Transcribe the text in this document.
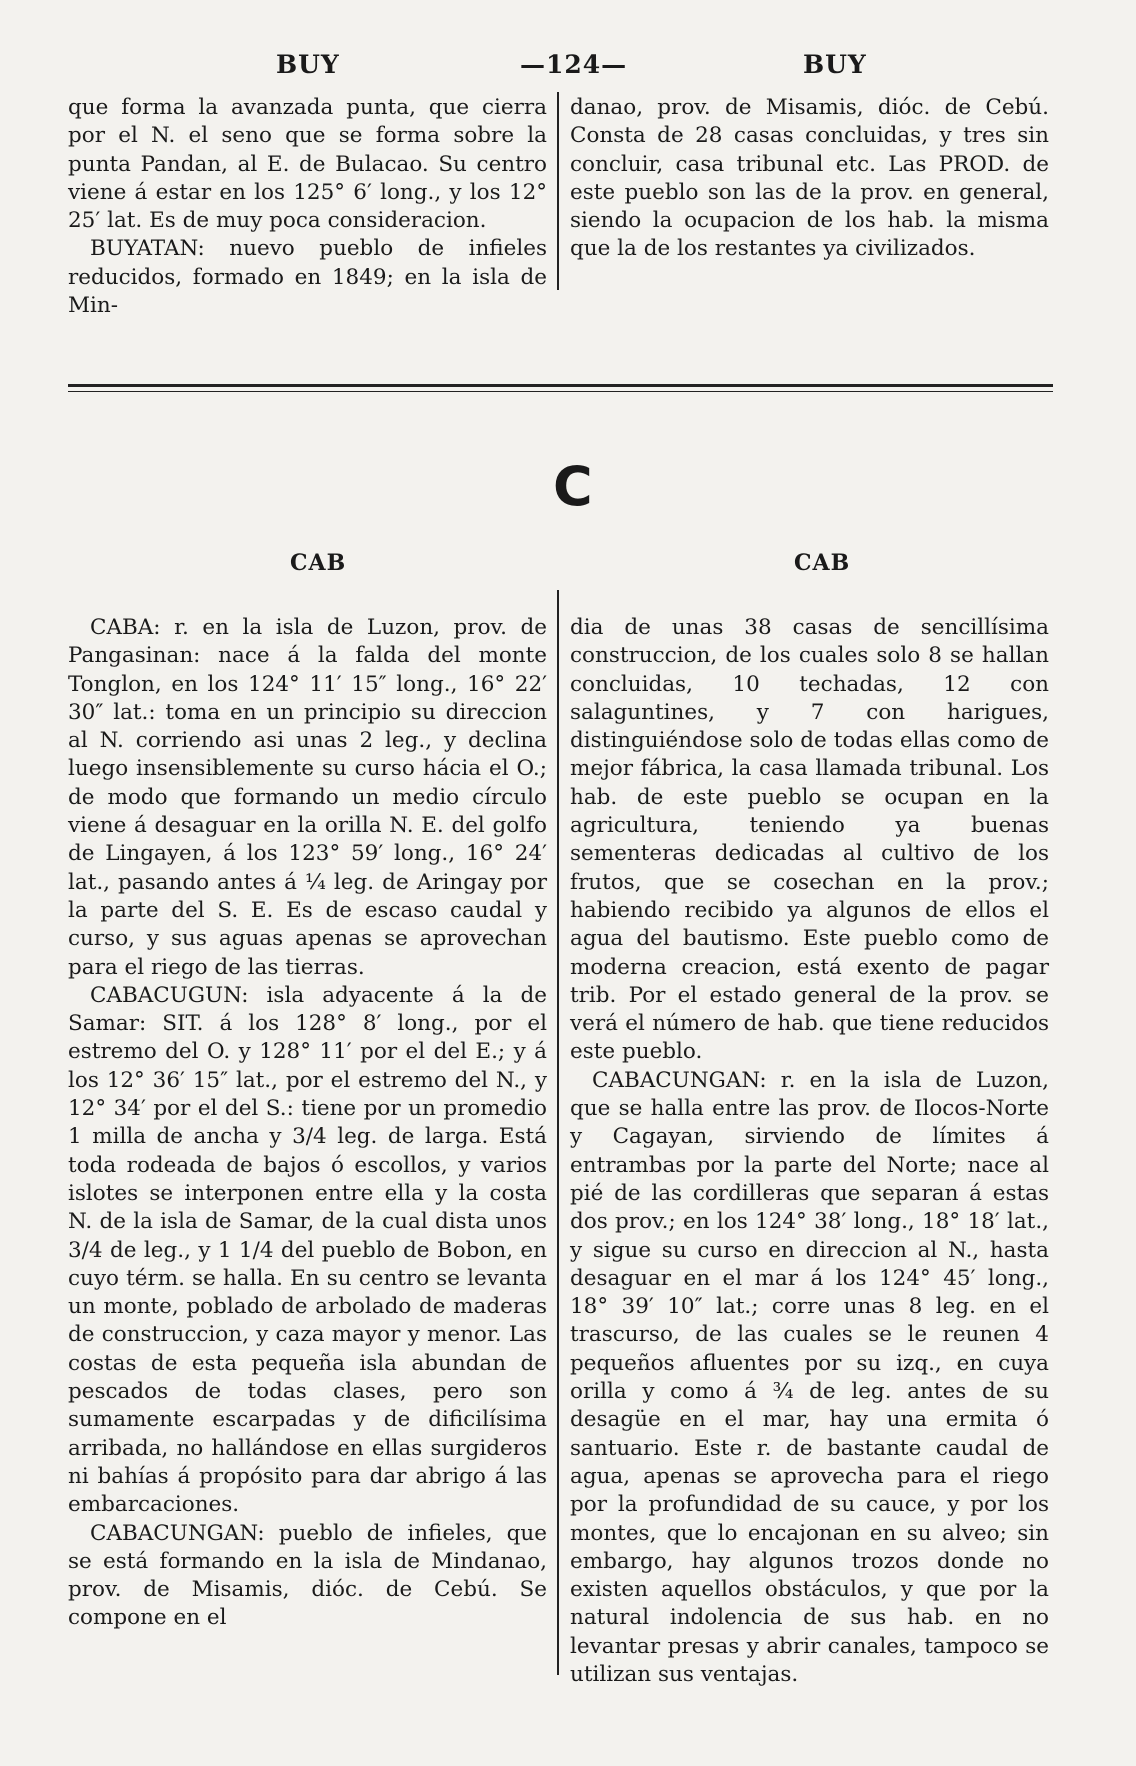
BUY	—124—	BUY

que forma la avanzada punta, que cierra por el N. el seno que se forma sobre la punta Pandan, al E. de Bulacao. Su centro viene á estar en los 125° 6′ long., y los 12° 25′ lat. Es de muy poca consideracion.

BUYATAN: nuevo pueblo de infieles reducidos, formado en 1849; en la isla de Min-

danao, prov. de Misamis, dióc. de Cebú. Consta de 28 casas concluidas, y tres sin concluir, casa tribunal etc. Las PROD. de este pueblo son las de la prov. en general, siendo la ocupacion de los hab. la misma que la de los restantes ya civilizados.

C
CAB	CAB

CABA: r. en la isla de Luzon, prov. de Pangasinan: nace á la falda del monte Tonglon, en los 124° 11′ 15″ long., 16° 22′ 30″ lat.: toma en un principio su direccion al N. corriendo asi unas 2 leg., y declina luego insensiblemente su curso hácia el O.; de modo que formando un medio círculo viene á desaguar en la orilla N. E. del golfo de Lingayen, á los 123° 59′ long., 16° 24′ lat., pasando antes á ¼ leg. de Aringay por la parte del S. E. Es de escaso caudal y curso, y sus aguas apenas se aprovechan para el riego de las tierras.

CABACUGUN: isla adyacente á la de Samar: SIT. á los 128° 8′ long., por el estremo del O. y 128° 11′ por el del E.; y á los 12° 36′ 15″ lat., por el estremo del N., y 12° 34′ por el del S.: tiene por un promedio 1 milla de ancha y 3/4 leg. de larga. Está toda rodeada de bajos ó escollos, y varios islotes se interponen entre ella y la costa N. de la isla de Samar, de la cual dista unos 3/4 de leg., y 1 1/4 del pueblo de Bobon, en cuyo térm. se halla. En su centro se levanta un monte, poblado de arbolado de maderas de construccion, y caza mayor y menor. Las costas de esta pequeña isla abundan de pescados de todas clases, pero son sumamente escarpadas y de dificilísima arribada, no hallándose en ellas surgideros ni bahías á propósito para dar abrigo á las embarcaciones.

CABACUNGAN: pueblo de infieles, que se está formando en la isla de Mindanao, prov. de Misamis, dióc. de Cebú. Se compone en el

dia de unas 38 casas de sencillísima construccion, de los cuales solo 8 se hallan concluidas, 10 techadas, 12 con salaguntines, y 7 con harigues, distinguiéndose solo de todas ellas como de mejor fábrica, la casa llamada tribunal. Los hab. de este pueblo se ocupan en la agricultura, teniendo ya buenas sementeras dedicadas al cultivo de los frutos, que se cosechan en la prov.; habiendo recibido ya algunos de ellos el agua del bautismo. Este pueblo como de moderna creacion, está exento de pagar trib. Por el estado general de la prov. se verá el número de hab. que tiene reducidos este pueblo.

CABACUNGAN: r. en la isla de Luzon, que se halla entre las prov. de Ilocos-Norte y Cagayan, sirviendo de límites á entrambas por la parte del Norte; nace al pié de las cordilleras que separan á estas dos prov.; en los 124° 38′ long., 18° 18′ lat., y sigue su curso en direccion al N., hasta desaguar en el mar á los 124° 45′ long., 18° 39′ 10″ lat.; corre unas 8 leg. en el trascurso, de las cuales se le reunen 4 pequeños afluentes por su izq., en cuya orilla y como á ¾ de leg. antes de su desagüe en el mar, hay una ermita ó santuario. Este r. de bastante caudal de agua, apenas se aprovecha para el riego por la profundidad de su cauce, y por los montes, que lo encajonan en su alveo; sin embargo, hay algunos trozos donde no existen aquellos obstáculos, y que por la natural indolencia de sus hab. en no levantar presas y abrir canales, tampoco se utilizan sus ventajas.
